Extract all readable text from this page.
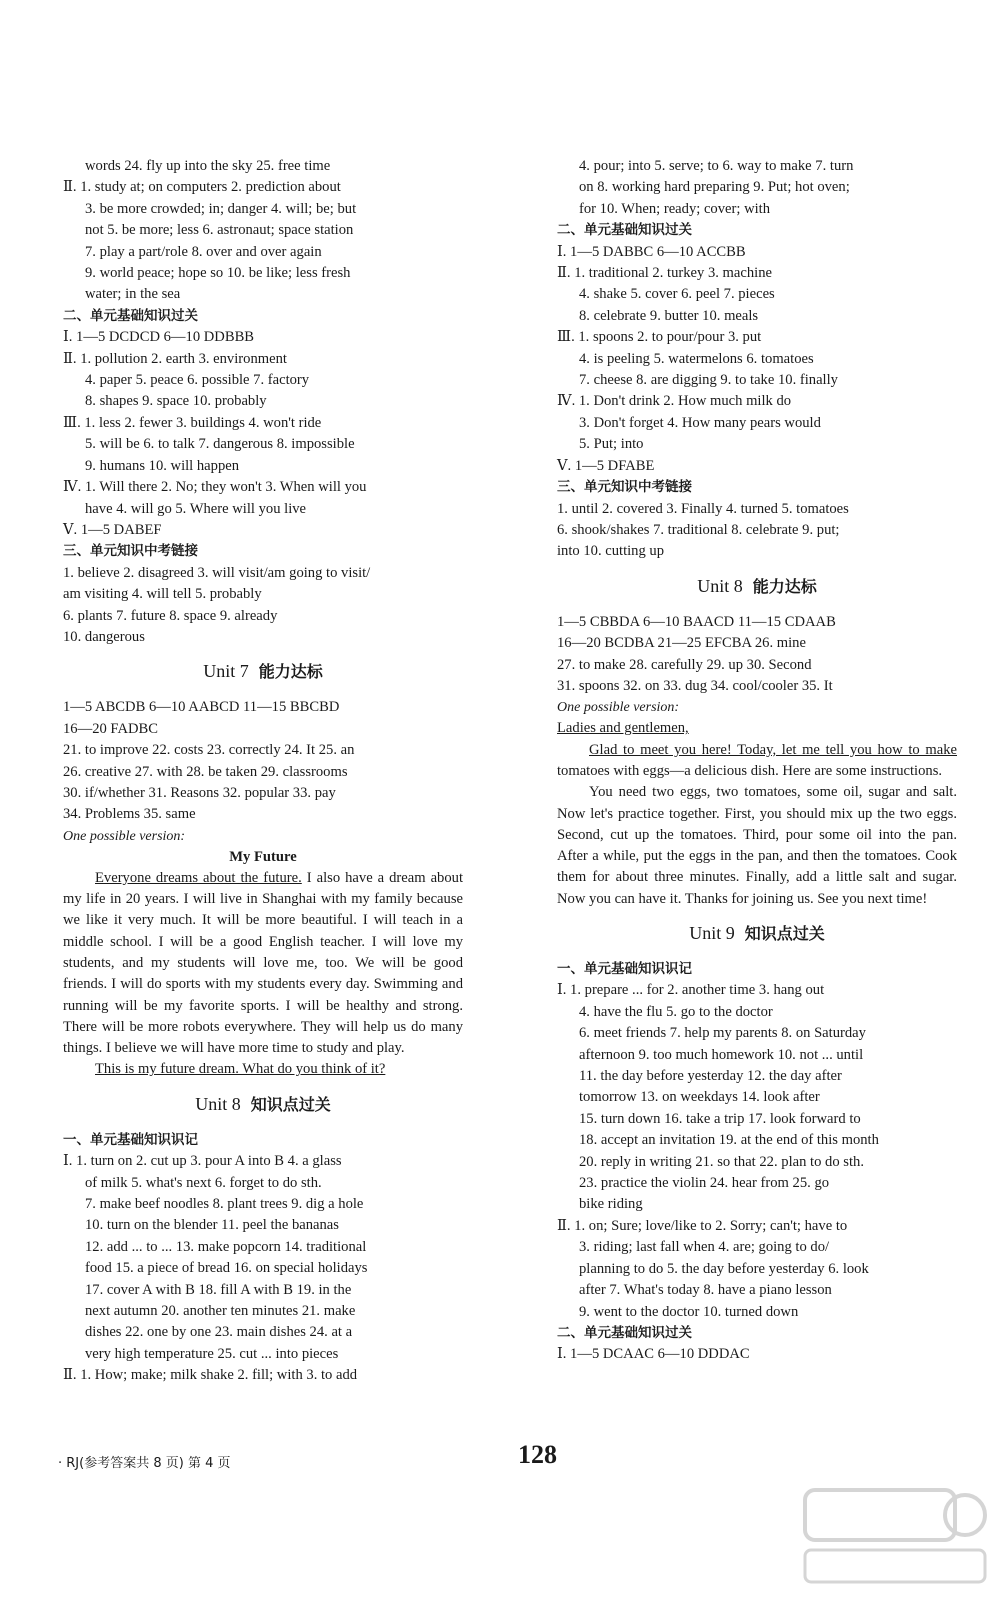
words 24. fly up into the sky 25. free time
Ⅱ. 1. study at; on computers 2. prediction about
3. be more crowded; in; danger 4. will; be; but
not 5. be more; less 6. astronaut; space station
7. play a part/role 8. over and over again
9. world peace; hope so 10. be like; less fresh
water; in the sea
二、单元基础知识过关
Ⅰ. 1—5 DCDCD 6—10 DDBBB
Ⅱ. 1. pollution 2. earth 3. environment
4. paper 5. peace 6. possible 7. factory
8. shapes 9. space 10. probably
Ⅲ. 1. less 2. fewer 3. buildings 4. won't ride
5. will be 6. to talk 7. dangerous 8. impossible
9. humans 10. will happen
Ⅳ. 1. Will there 2. No; they won't 3. When will you
have 4. will go 5. Where will you live
Ⅴ. 1—5 DABEF
三、单元知识中考链接
1. believe 2. disagreed 3. will visit/am going to visit/
am visiting 4. will tell 5. probably
6. plants 7. future 8. space 9. already
10. dangerous
Unit 7 能力达标
1—5 ABCDB 6—10 AABCD 11—15 BBCBD
16—20 FADBC
21. to improve 22. costs 23. correctly 24. It 25. an
26. creative 27. with 28. be taken 29. classrooms
30. if/whether 31. Reasons 32. popular 33. pay
34. Problems 35. same
One possible version:
My Future
Everyone dreams about the future. I also have a dream about my life in 20 years. I will live in Shanghai with my family because we like it very much. It will be more beautiful. I will teach in a middle school. I will be a good English teacher. I will love my students, and my students will love me, too. We will be good friends. I will do sports with my students every day. Swimming and running will be my favorite sports. I will be healthy and strong. There will be more robots everywhere. They will help us do many things. I believe we will have more time to study and play.
This is my future dream. What do you think of it?
Unit 8 知识点过关
一、单元基础知识识记
Ⅰ. 1. turn on 2. cut up 3. pour A into B 4. a glass
of milk 5. what's next 6. forget to do sth.
7. make beef noodles 8. plant trees 9. dig a hole
10. turn on the blender 11. peel the bananas
12. add ... to ... 13. make popcorn 14. traditional
food 15. a piece of bread 16. on special holidays
17. cover A with B 18. fill A with B 19. in the
next autumn 20. another ten minutes 21. make
dishes 22. one by one 23. main dishes 24. at a
very high temperature 25. cut ... into pieces
Ⅱ. 1. How; make; milk shake 2. fill; with 3. to add
4. pour; into 5. serve; to 6. way to make 7. turn
on 8. working hard preparing 9. Put; hot oven;
for 10. When; ready; cover; with
二、单元基础知识过关
Ⅰ. 1—5 DABBC 6—10 ACCBB
Ⅱ. 1. traditional 2. turkey 3. machine
4. shake 5. cover 6. peel 7. pieces
8. celebrate 9. butter 10. meals
Ⅲ. 1. spoons 2. to pour/pour 3. put
4. is peeling 5. watermelons 6. tomatoes
7. cheese 8. are digging 9. to take 10. finally
Ⅳ. 1. Don't drink 2. How much milk do
3. Don't forget 4. How many pears would
5. Put; into
Ⅴ. 1—5 DFABE
三、单元知识中考链接
1. until 2. covered 3. Finally 4. turned 5. tomatoes
6. shook/shakes 7. traditional 8. celebrate 9. put;
into 10. cutting up
Unit 8 能力达标
1—5 CBBDA 6—10 BAACD 11—15 CDAAB
16—20 BCDBA 21—25 EFCBA 26. mine
27. to make 28. carefully 29. up 30. Second
31. spoons 32. on 33. dug 34. cool/cooler 35. It
One possible version:
Ladies and gentlemen,
Glad to meet you here! Today, let me tell you how to make tomatoes with eggs—a delicious dish. Here are some instructions.
You need two eggs, two tomatoes, some oil, sugar and salt. Now let's practice together. First, you should mix up the two eggs. Second, cut up the tomatoes. Third, pour some oil into the pan. After a while, put the eggs in the pan, and then the tomatoes. Cook them for about three minutes. Finally, add a little salt and sugar. Now you can have it. Thanks for joining us. See you next time!
Unit 9 知识点过关
一、单元基础知识识记
Ⅰ. 1. prepare ... for 2. another time 3. hang out
4. have the flu 5. go to the doctor
6. meet friends 7. help my parents 8. on Saturday
afternoon 9. too much homework 10. not ... until
11. the day before yesterday 12. the day after
tomorrow 13. on weekdays 14. look after
15. turn down 16. take a trip 17. look forward to
18. accept an invitation 19. at the end of this month
20. reply in writing 21. so that 22. plan to do sth.
23. practice the violin 24. hear from 25. go
bike riding
Ⅱ. 1. on; Sure; love/like to 2. Sorry; can't; have to
3. riding; last fall when 4. are; going to do/
planning to do 5. the day before yesterday 6. look
after 7. What's today 8. have a piano lesson
9. went to the doctor 10. turned down
二、单元基础知识过关
Ⅰ. 1—5 DCAAC 6—10 DDDAC
· RJ(参考答案共 8 页) 第 4 页	128
